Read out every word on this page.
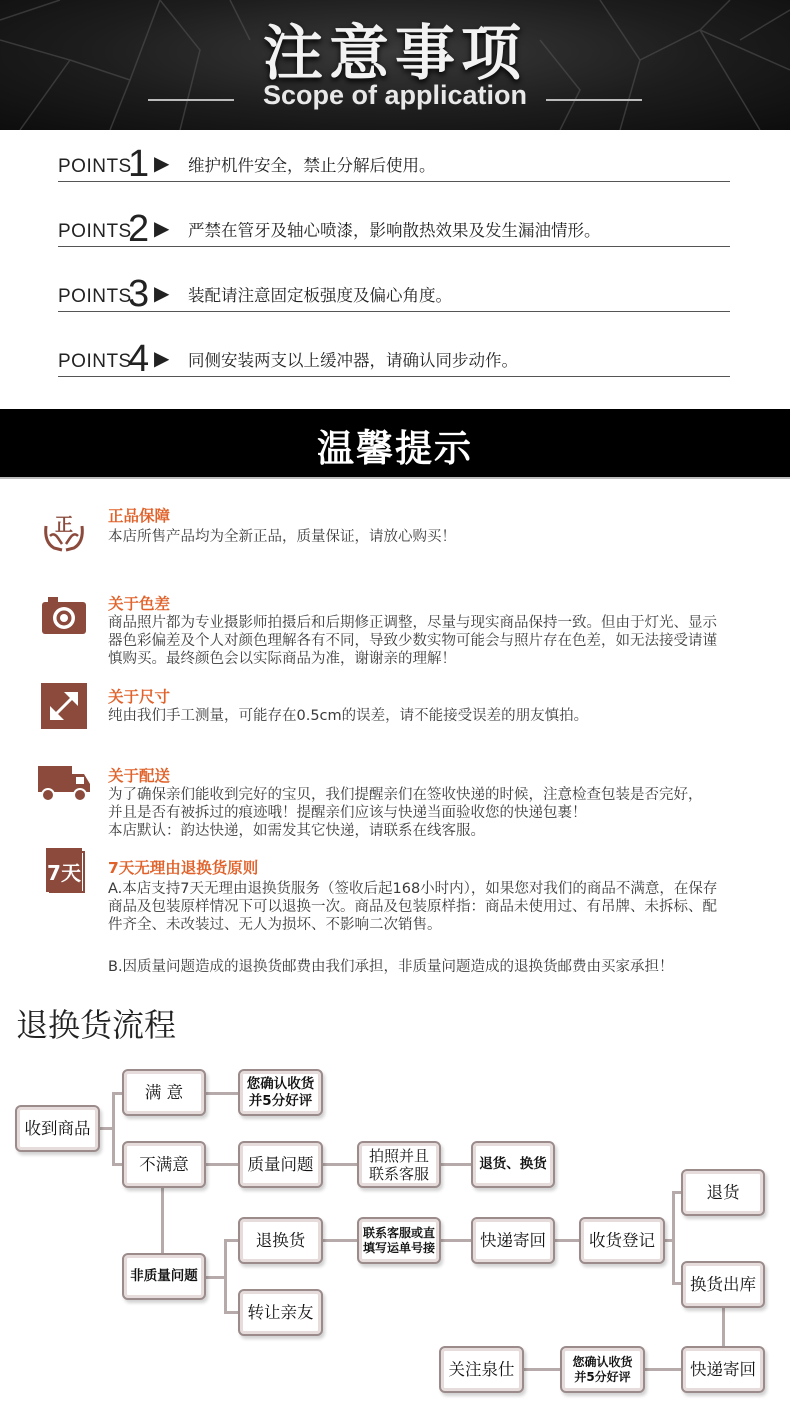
注意事项
Scope of application
POINTS
1 ▶ 维护机件安全，禁止分解后使用。
POINTS
2 ▶ 严禁在管牙及轴心喷漆，影响散热效果及发生漏油情形。
POINTS
3 ▶ 装配请注意固定板强度及偏心角度。
POINTS
4 ▶ 同侧安装两支以上缓冲器，请确认同步动作。
温馨提示
正 正品保障
本店所售产品均为全新正品，质量保证，请放心购买！
关于色差
商品照片都为专业摄影师拍摄后和后期修正调整，尽量与现实商品保持一致。但由于灯光、显示
器色彩偏差及个人对颜色理解各有不同，导致少数实物可能会与照片存在色差，如无法接受请谨
慎购买。最终颜色会以实际商品为准，谢谢亲的理解！
关于尺寸
纯由我们手工测量，可能存在0.5cm的误差，请不能接受误差的朋友慎拍。
关于配送
为了确保亲们能收到完好的宝贝，我们提醒亲们在签收快递的时候，注意检查包装是否完好，
并且是否有被拆过的痕迹哦！提醒亲们应该与快递当面验收您的快递包裹！
本店默认：韵达快递，如需发其它快递，请联系在线客服。
7天 7天无理由退换货原则
A.本店支持7天无理由退换货服务（签收后起168小时内），如果您对我们的商品不满意，在保存
商品及包装原样情况下可以退换一次。商品及包装原样指：商品未使用过、有吊牌、未拆标、配
件齐全、未改装过、无人为损坏、不影响二次销售。
B.因质量问题造成的退换货邮费由我们承担，非质量问题造成的退换货邮费由买家承担！
退换货流程
收到商品
满 意	您确认收货
并5分好评
不满意	质量问题	拍照并且
联系客服
退货、换货
非质量问题
退换货	联系客服或直
填写运单号接	快递寄回	收货登记
退货
换货出库
转让亲友
关注泉仕	您确认收货
并5分好评	快递寄回
